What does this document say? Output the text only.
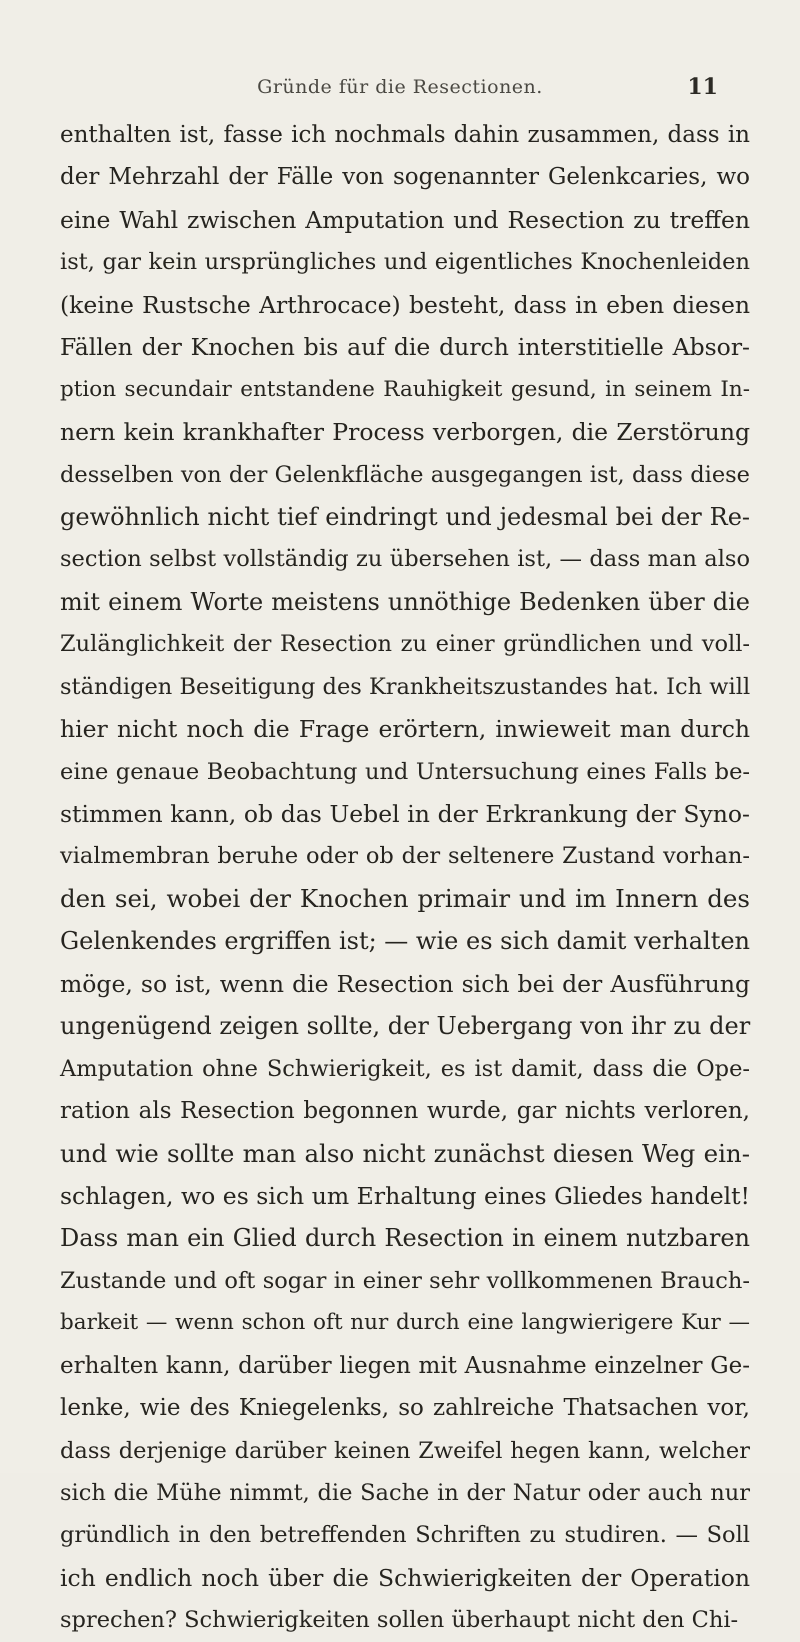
Gründe für die Resectionen.	11
enthalten ist, fasse ich nochmals dahin zusammen, dass in
der Mehrzahl der Fälle von sogenannter Gelenkcaries, wo
eine Wahl zwischen Amputation und Resection zu treffen
ist, gar kein ursprüngliches und eigentliches Knochenleiden
(keine Rustsche Arthrocace) besteht, dass in eben diesen
Fällen der Knochen bis auf die durch interstitielle Absor-
ption secundair entstandene Rauhigkeit gesund, in seinem In-
nern kein krankhafter Process verborgen, die Zerstörung
desselben von der Gelenkfläche ausgegangen ist, dass diese
gewöhnlich nicht tief eindringt und jedesmal bei der Re-
section selbst vollständig zu übersehen ist, — dass man also
mit einem Worte meistens unnöthige Bedenken über die
Zulänglichkeit der Resection zu einer gründlichen und voll-
ständigen Beseitigung des Krankheitszustandes hat. Ich will
hier nicht noch die Frage erörtern, inwieweit man durch
eine genaue Beobachtung und Untersuchung eines Falls be-
stimmen kann, ob das Uebel in der Erkrankung der Syno-
vialmembran beruhe oder ob der seltenere Zustand vorhan-
den sei, wobei der Knochen primair und im Innern des
Gelenkendes ergriffen ist; — wie es sich damit verhalten
möge, so ist, wenn die Resection sich bei der Ausführung
ungenügend zeigen sollte, der Uebergang von ihr zu der
Amputation ohne Schwierigkeit, es ist damit, dass die Ope-
ration als Resection begonnen wurde, gar nichts verloren,
und wie sollte man also nicht zunächst diesen Weg ein-
schlagen, wo es sich um Erhaltung eines Gliedes handelt!
Dass man ein Glied durch Resection in einem nutzbaren
Zustande und oft sogar in einer sehr vollkommenen Brauch-
barkeit — wenn schon oft nur durch eine langwierigere Kur —
erhalten kann, darüber liegen mit Ausnahme einzelner Ge-
lenke, wie des Kniegelenks, so zahlreiche Thatsachen vor,
dass derjenige darüber keinen Zweifel hegen kann, welcher
sich die Mühe nimmt, die Sache in der Natur oder auch nur
gründlich in den betreffenden Schriften zu studiren. — Soll
ich endlich noch über die Schwierigkeiten der Operation
sprechen? Schwierigkeiten sollen überhaupt nicht den Chi-
